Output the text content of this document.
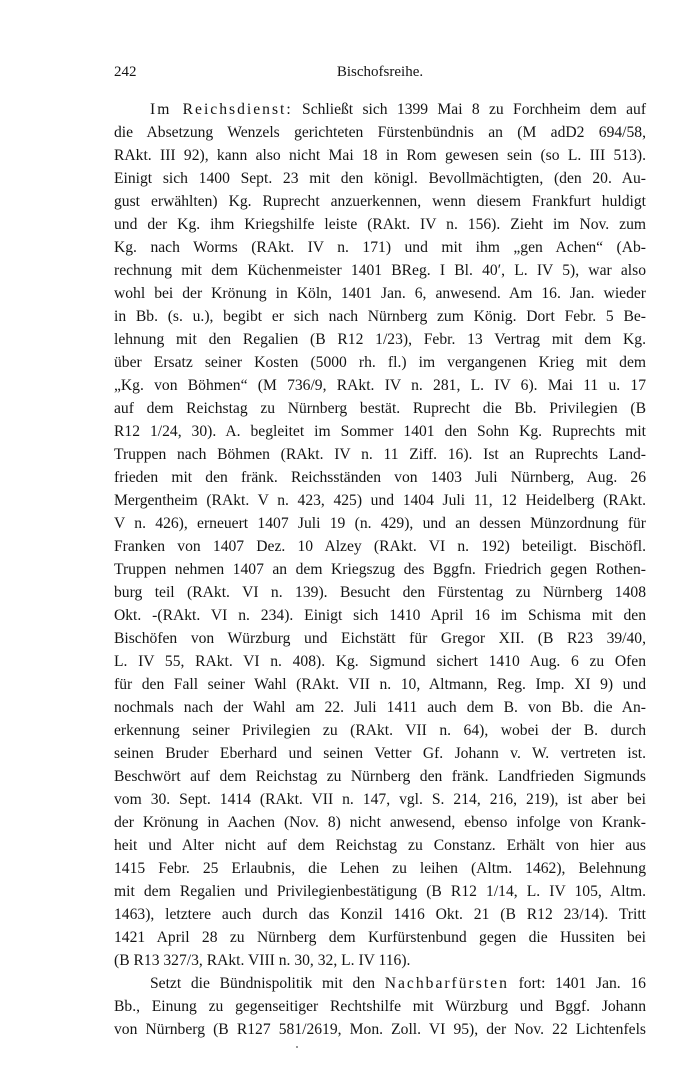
242	Bischofsreihe.
Im Reichsdienst: Schließt sich 1399 Mai 8 zu Forchheim dem auf
die Absetzung Wenzels gerichteten Fürstenbündnis an (M adD2 694/58,
RAkt. III 92), kann also nicht Mai 18 in Rom gewesen sein (so L. III 513).
Einigt sich 1400 Sept. 23 mit den königl. Bevollmächtigten, (den 20. Au-
gust erwählten) Kg. Ruprecht anzuerkennen, wenn diesem Frankfurt huldigt
und der Kg. ihm Kriegshilfe leiste (RAkt. IV n. 156). Zieht im Nov. zum
Kg. nach Worms (RAkt. IV n. 171) und mit ihm „gen Achen“ (Ab-
rechnung mit dem Küchenmeister 1401 BReg. I Bl. 40′, L. IV 5), war also
wohl bei der Krönung in Köln, 1401 Jan. 6, anwesend. Am 16. Jan. wieder
in Bb. (s. u.), begibt er sich nach Nürnberg zum König. Dort Febr. 5 Be-
lehnung mit den Regalien (B R12 1/23), Febr. 13 Vertrag mit dem Kg.
über Ersatz seiner Kosten (5000 rh. fl.) im vergangenen Krieg mit dem
„Kg. von Böhmen“ (M 736/9, RAkt. IV n. 281, L. IV 6). Mai 11 u. 17
auf dem Reichstag zu Nürnberg bestät. Ruprecht die Bb. Privilegien (B
R12 1/24, 30). A. begleitet im Sommer 1401 den Sohn Kg. Ruprechts mit
Truppen nach Böhmen (RAkt. IV n. 11 Ziff. 16). Ist an Ruprechts Land-
frieden mit den fränk. Reichsständen von 1403 Juli Nürnberg, Aug. 26
Mergentheim (RAkt. V n. 423, 425) und 1404 Juli 11, 12 Heidelberg (RAkt.
V n. 426), erneuert 1407 Juli 19 (n. 429), und an dessen Münzordnung für
Franken von 1407 Dez. 10 Alzey (RAkt. VI n. 192) beteiligt. Bischöfl.
Truppen nehmen 1407 an dem Kriegszug des Bggfn. Friedrich gegen Rothen-
burg teil (RAkt. VI n. 139). Besucht den Fürstentag zu Nürnberg 1408
Okt. -(RAkt. VI n. 234). Einigt sich 1410 April 16 im Schisma mit den
Bischöfen von Würzburg und Eichstätt für Gregor XII. (B R23 39/40,
L. IV 55, RAkt. VI n. 408). Kg. Sigmund sichert 1410 Aug. 6 zu Ofen
für den Fall seiner Wahl (RAkt. VII n. 10, Altmann, Reg. Imp. XI 9) und
nochmals nach der Wahl am 22. Juli 1411 auch dem B. von Bb. die An-
erkennung seiner Privilegien zu (RAkt. VII n. 64), wobei der B. durch
seinen Bruder Eberhard und seinen Vetter Gf. Johann v. W. vertreten ist.
Beschwört auf dem Reichstag zu Nürnberg den fränk. Landfrieden Sigmunds
vom 30. Sept. 1414 (RAkt. VII n. 147, vgl. S. 214, 216, 219), ist aber bei
der Krönung in Aachen (Nov. 8) nicht anwesend, ebenso infolge von Krank-
heit und Alter nicht auf dem Reichstag zu Constanz. Erhält von hier aus
1415 Febr. 25 Erlaubnis, die Lehen zu leihen (Altm. 1462), Belehnung
mit dem Regalien und Privilegienbestätigung (B R12 1/14, L. IV 105, Altm.
1463), letztere auch durch das Konzil 1416 Okt. 21 (B R12 23/14). Tritt
1421 April 28 zu Nürnberg dem Kurfürstenbund gegen die Hussiten bei
(B R13 327/3, RAkt. VIII n. 30, 32, L. IV 116).
Setzt die Bündnispolitik mit den Nachbarfürsten fort: 1401 Jan. 16
Bb., Einung zu gegenseitiger Rechtshilfe mit Würzburg und Bggf. Johann
von Nürnberg (B R127 581/2619, Mon. Zoll. VI 95), der Nov. 22 Lichtenfels
